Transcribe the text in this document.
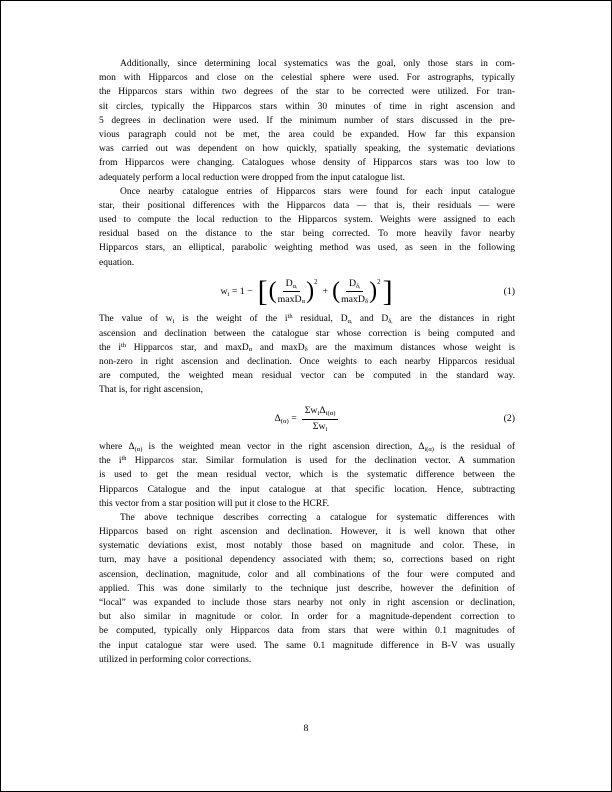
Additionally, since determining local systematics was the goal, only those stars in com-
mon with Hipparcos and close on the celestial sphere were used. For astrographs, typically
the Hipparcos stars within two degrees of the star to be corrected were utilized. For tran-
sit circles, typically the Hipparcos stars within 30 minutes of time in right ascension and
5 degrees in declination were used. If the minimum number of stars discussed in the pre-
vious paragraph could not be met, the area could be expanded. How far this expansion
was carried out was dependent on how quickly, spatially speaking, the systematic deviations
from Hipparcos were changing. Catalogues whose density of Hipparcos stars was too low to
adequately perform a local reduction were dropped from the input catalogue list.
Once nearby catalogue entries of Hipparcos stars were found for each input catalogue
star, their positional differences with the Hipparcos data — that is, their residuals — were
used to compute the local reduction to the Hipparcos system. Weights were assigned to each
residual based on the distance to the star being corrected. To more heavily favor nearby
Hipparcos stars, an elliptical, parabolic weighting method was used, as seen in the following
equation.
$w_i = 1$ − [ ( $\frac{D_{\alpha ᵢ}}{\max D_\alpha}$ ) 2
+ ( $\frac{D_{\delta ᵢ}}{\max D_\delta}$ ) 2 ]	(1)
The value of $w_i$ is the weight of the $i^{th}$ residual, $D_{\alpha ᵢ}$ and $D_{\delta ᵢ}$ are the distances in right
ascension and declination between the catalogue star whose correction is being computed and
the $i^{th}$ Hipparcos star, and maxD$_\alpha$ and maxD$_\delta$ are the maximum distances whose weight is
non-zero in right ascension and declination. Once weights to each nearby Hipparcos residual
are computed, the weighted mean residual vector can be computed in the standard way.
That is, for right ascension,
$\Delta_{(\alpha)} = \frac{\Sigma w_i\Delta_{i(\alpha)}}{\Sigma w_i}$	(2)
where $\Delta_{(\alpha)}$ is the weighted mean vector in the right ascension direction, $\Delta_{i(\alpha)}$ is the residual of
the $i^{th}$ Hipparcos star. Similar formulation is used for the declination vector. A summation
is used to get the mean residual vector, which is the systematic difference between the
Hipparcos Catalogue and the input catalogue at that specific location. Hence, subtracting
this vector from a star position will put it close to the HCRF.
The above technique describes correcting a catalogue for systematic differences with
Hipparcos based on right ascension and declination. However, it is well known that other
systematic deviations exist, most notably those based on magnitude and color. These, in
turn, may have a positional dependency associated with them; so, corrections based on right
ascension, declination, magnitude, color and all combinations of the four were computed and
applied. This was done similarly to the technique just describe, however the definition of
“local” was expanded to include those stars nearby not only in right ascension or declination,
but also similar in magnitude or color. In order for a magnitude-dependent correction to
be computed, typically only Hipparcos data from stars that were within 0.1 magnitudes of
the input catalogue star were used. The same 0.1 magnitude difference in B-V was usually
utilized in performing color corrections.
8
